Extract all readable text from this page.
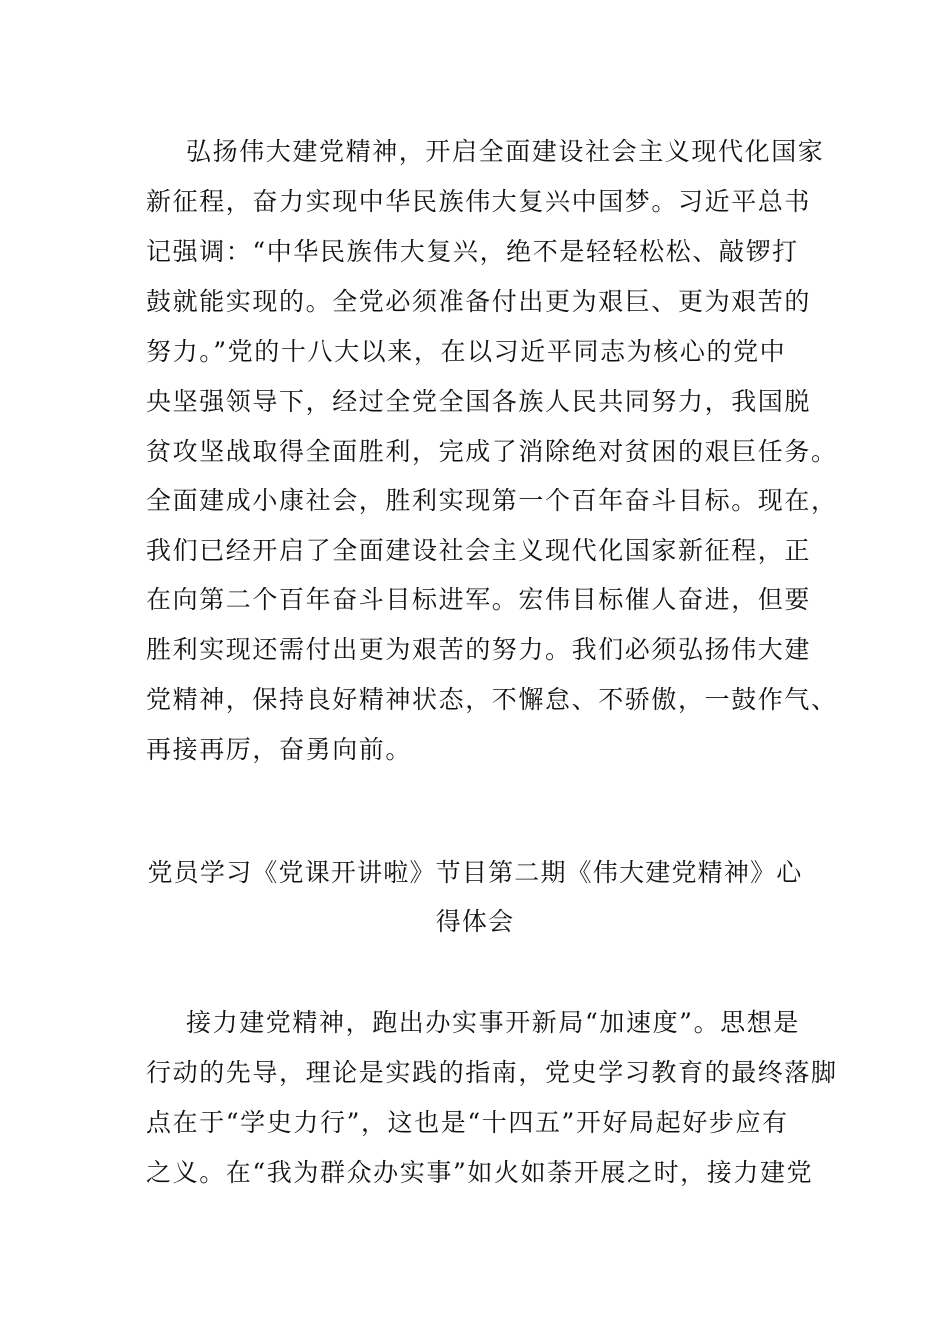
弘扬伟大建党精神，开启全面建设社会主义现代化国家
新征程，奋力实现中华民族伟大复兴中国梦。习近平总书
记强调：“中华民族伟大复兴，绝不是轻轻松松、敲锣打
鼓就能实现的。全党必须准备付出更为艰巨、更为艰苦的
努力。”党的十八大以来，在以习近平同志为核心的党中
央坚强领导下，经过全党全国各族人民共同努力，我国脱
贫攻坚战取得全面胜利，完成了消除绝对贫困的艰巨任务。
全面建成小康社会，胜利实现第一个百年奋斗目标。现在，
我们已经开启了全面建设社会主义现代化国家新征程，正
在向第二个百年奋斗目标进军。宏伟目标催人奋进，但要
胜利实现还需付出更为艰苦的努力。我们必须弘扬伟大建
党精神，保持良好精神状态，不懈怠、不骄傲，一鼓作气、
再接再厉，奋勇向前。
党员学习《党课开讲啦》节目第二期《伟大建党精神》心
得体会
接力建党精神，跑出办实事开新局“加速度”。思想是
行动的先导，理论是实践的指南，党史学习教育的最终落脚
点在于“学史力行”，这也是“十四五”开好局起好步应有
之义。在“我为群众办实事”如火如荼开展之时，接力建党
